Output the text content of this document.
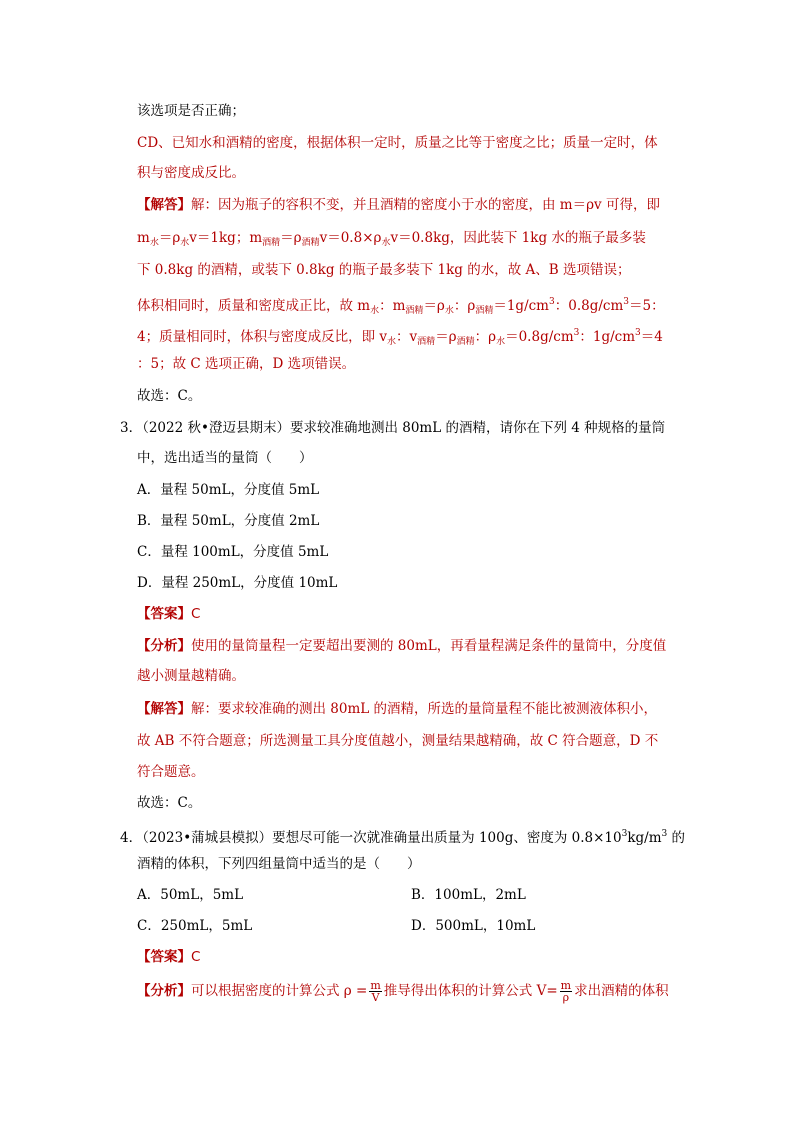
该选项是否正确；
CD、已知水和酒精的密度，根据体积一定时，质量之比等于密度之比；质量一定时，体
积与密度成反比。
【解答】解：因为瓶子的容积不变，并且酒精的密度小于水的密度，由 m＝ρv 可得，即
$m_水=\rho_水v=1kg$；$m_{酒精}=\rho_{酒精}v=0.8\times\rho_水v=0.8kg$，因此装下 1kg 水的瓶子最多装
下 0.8kg 的酒精，或装下 0.8kg 的瓶子最多装下 1kg 的水，故 A、B 选项错误；
体积相同时，质量和密度成正比，故 $m_水$：$m_{酒精}=\rho_水$：$\rho_{酒精}=1g/cm^3$：$0.8g/cm^3=5$：
4；质量相同时，体积与密度成反比，即 $v_水$：$v_{酒精}=\rho_{酒精}$：$\rho_水=0.8g/cm^3$：$1g/cm^3=4$
：5；故 C 选项正确，D 选项错误。
故选：C。
3．（2022 秋•澄迈县期末）要求较准确地测出 80mL 的酒精，请你在下列 4 种规格的量筒
中，选出适当的量筒（　　）
A．量程 50mL，分度值 5mL
B．量程 50mL，分度值 2mL
C．量程 100mL，分度值 5mL
D．量程 250mL，分度值 10mL
【答案】C
【分析】使用的量筒量程一定要超出要测的 80mL，再看量程满足条件的量筒中，分度值
越小测量越精确。
【解答】解：要求较准确的测出 80mL 的酒精，所选的量筒量程不能比被测液体积小，
故 AB 不符合题意；所选测量工具分度值越小，测量结果越精确，故 C 符合题意，D 不
符合题意。
故选：C。
4．（2023•蒲城县模拟）要想尽可能一次就准确量出质量为 100g、密度为 $0.8\times 10^3kg/m^3$ 的
酒精的体积，下列四组量筒中适当的是（　　）
A．50mL，5mL	B．100mL，2mL
C．250mL，5mL	D．500mL，10mL
【答案】C
【分析】可以根据密度的计算公式 $\rho = \frac{m}{V}$ 推导得出体积的计算公式 $V= \frac{m}{\rho}$ 求出酒精的体积
